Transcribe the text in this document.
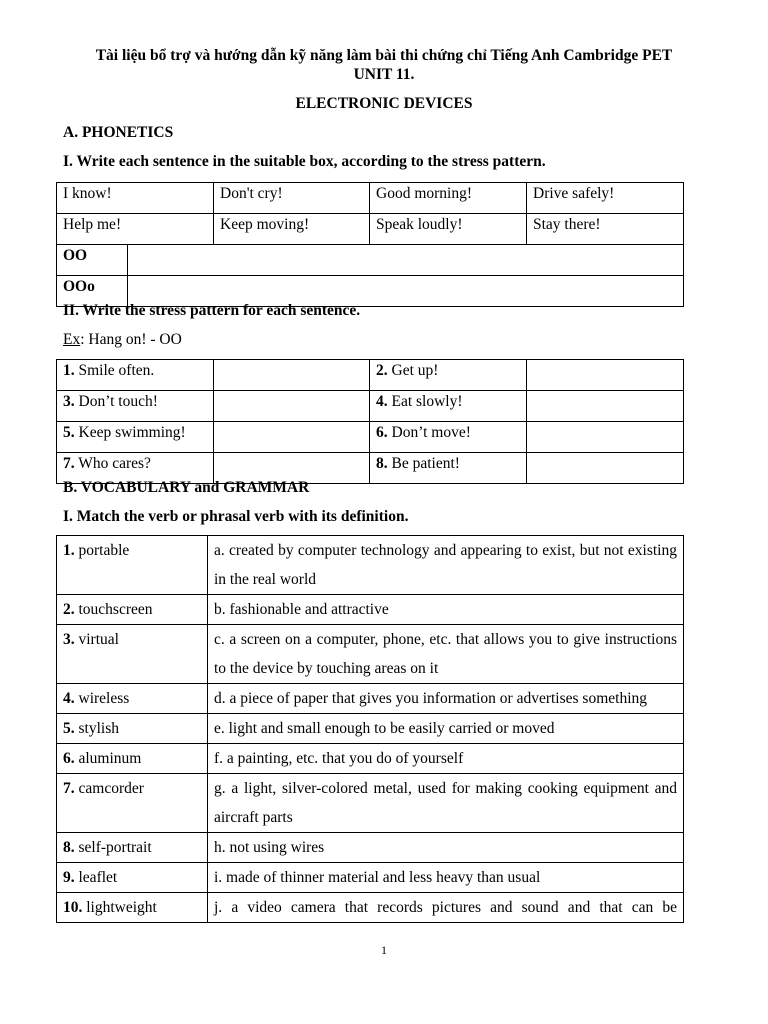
Tài liệu bổ trợ và hướng dẫn kỹ năng làm bài thi chứng chỉ Tiếng Anh Cambridge PET
UNIT 11.
ELECTRONIC DEVICES
A. PHONETICS
I. Write each sentence in the suitable box, according to the stress pattern.
I know!		Don't cry!	Good morning!	Drive safely!
Help me!		Keep moving!	Speak loudly!	Stay there!
OO				
OOo				
II. Write the stress pattern for each sentence.
Ex: Hang on! - OO
1. Smile often.		2. Get up!	
3. Don’t touch!		4. Eat slowly!	
5. Keep swimming!		6. Don’t move!	
7. Who cares?		8. Be patient!	
B. VOCABULARY and GRAMMAR
I. Match the verb or phrasal verb with its definition.
1. portable	a. created by computer technology and appearing to exist, but not existing in the real world
2. touchscreen	b. fashionable and attractive
3. virtual	c. a screen on a computer, phone, etc. that allows you to give instructions to the device by touching areas on it
4. wireless	d. a piece of paper that gives you information or advertises something
5. stylish	e. light and small enough to be easily carried or moved
6. aluminum	f. a painting, etc. that you do of yourself
7. camcorder	g. a light, silver-colored metal, used for making cooking equipment and aircraft parts
8. self-portrait	h. not using wires
9. leaflet	i. made of thinner material and less heavy than usual
10. lightweight	j. a video camera that records pictures and sound and that can be
1
